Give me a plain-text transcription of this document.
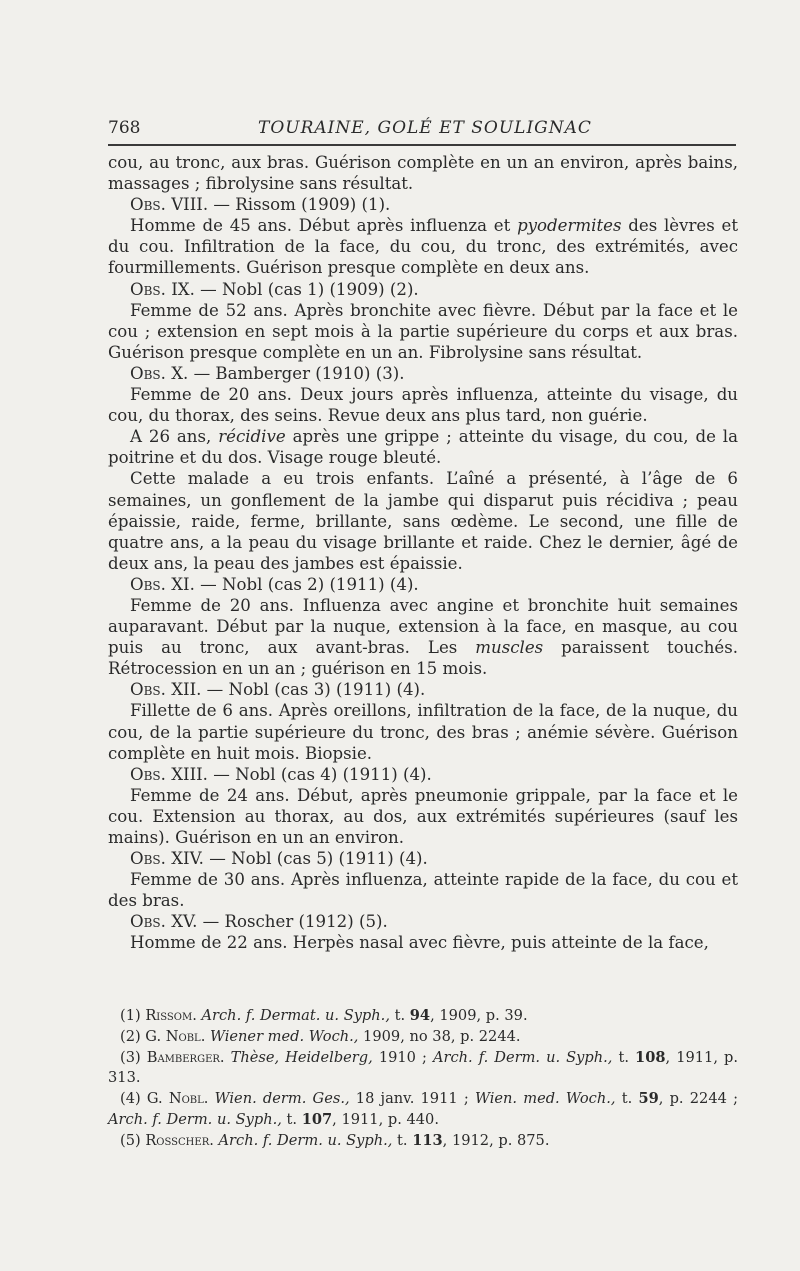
768	TOURAINE, GOLÉ ET SOULIGNAC

cou, au tronc, aux bras. Guérison complète en un an environ, après bains, massages ; fibrolysine sans résultat.

Obs. VIII. — Rissom (1909) (1).

Homme de 45 ans. Début après influenza et pyodermites des lèvres et du cou. Infiltration de la face, du cou, du tronc, des extrémités, avec fourmillements. Guérison presque complète en deux ans.

Obs. IX. — Nobl (cas 1) (1909) (2).

Femme de 52 ans. Après bronchite avec fièvre. Début par la face et le cou ; extension en sept mois à la partie supérieure du corps et aux bras. Guérison presque complète en un an. Fibrolysine sans résultat.

Obs. X. — Bamberger (1910) (3).

Femme de 20 ans. Deux jours après influenza, atteinte du visage, du cou, du thorax, des seins. Revue deux ans plus tard, non guérie.

A 26 ans, récidive après une grippe ; atteinte du visage, du cou, de la poitrine et du dos. Visage rouge bleuté.

Cette malade a eu trois enfants. L’aîné a présenté, à l’âge de 6 semaines, un gonflement de la jambe qui disparut puis récidiva ; peau épaissie, raide, ferme, brillante, sans œdème. Le second, une fille de quatre ans, a la peau du visage brillante et raide. Chez le dernier, âgé de deux ans, la peau des jambes est épaissie.

Obs. XI. — Nobl (cas 2) (1911) (4).

Femme de 20 ans. Influenza avec angine et bronchite huit semaines auparavant. Début par la nuque, extension à la face, en masque, au cou puis au tronc, aux avant-bras. Les muscles paraissent touchés. Rétrocession en un an ; guérison en 15 mois.

Obs. XII. — Nobl (cas 3) (1911) (4).

Fillette de 6 ans. Après oreillons, infiltration de la face, de la nuque, du cou, de la partie supérieure du tronc, des bras ; anémie sévère. Guérison complète en huit mois. Biopsie.

Obs. XIII. — Nobl (cas 4) (1911) (4).

Femme de 24 ans. Début, après pneumonie grippale, par la face et le cou. Extension au thorax, au dos, aux extrémités supérieures (sauf les mains). Guérison en un an environ.

Obs. XIV. — Nobl (cas 5) (1911) (4).

Femme de 30 ans. Après influenza, atteinte rapide de la face, du cou et des bras.

Obs. XV. — Roscher (1912) (5).

Homme de 22 ans. Herpès nasal avec fièvre, puis atteinte de la face,

(1) Rissom. Arch. f. Dermat. u. Syph., t. 94, 1909, p. 39.

(2) G. Nobl. Wiener med. Woch., 1909, no 38, p. 2244.

(3) Bamberger. Thèse, Heidelberg, 1910 ; Arch. f. Derm. u. Syph., t. 108, 1911, p. 313.

(4) G. Nobl. Wien. derm. Ges., 18 janv. 1911 ; Wien. med. Woch., t. 59, p. 2244 ; Arch. f. Derm. u. Syph., t. 107, 1911, p. 440.

(5) Rosscher. Arch. f. Derm. u. Syph., t. 113, 1912, p. 875.
